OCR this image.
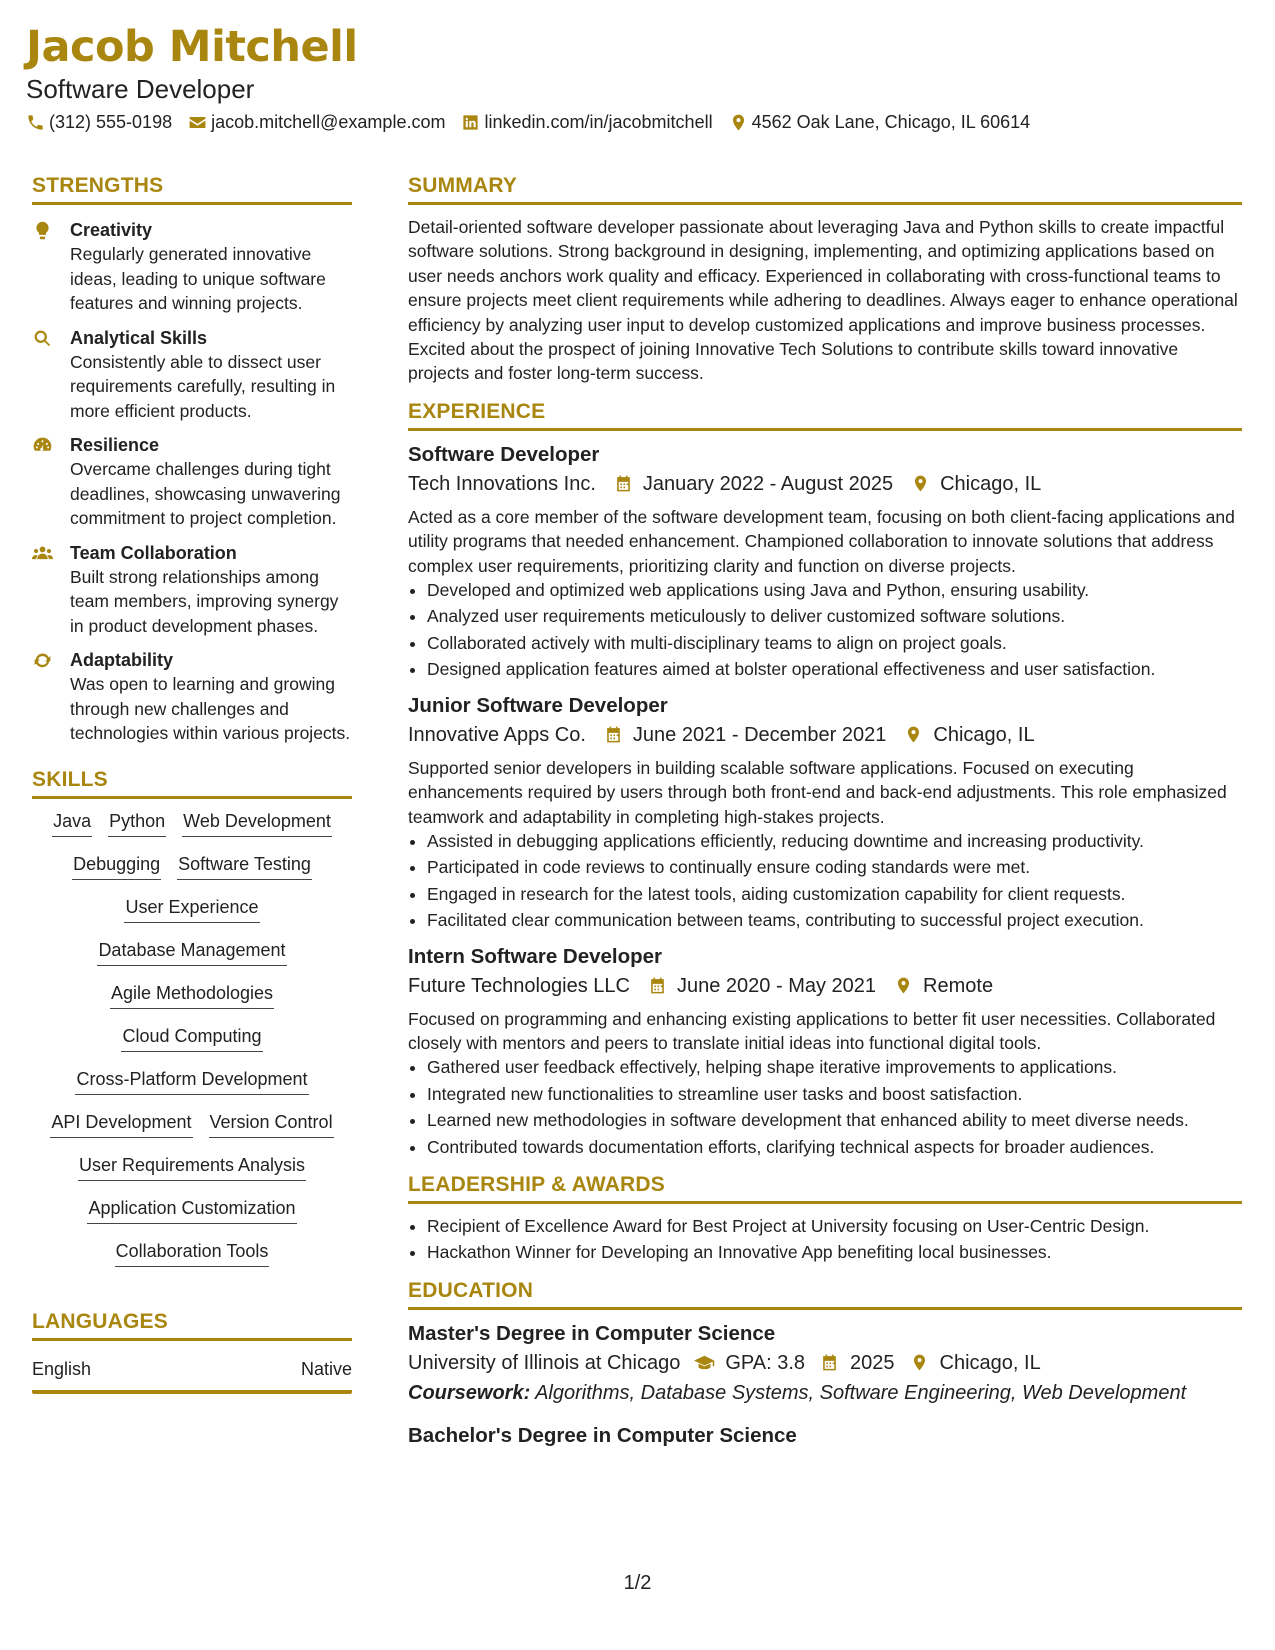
Jacob Mitchell
Software Developer
(312) 555-0198 jacob.mitchell@example.com linkedin.com/in/jacobmitchell 4562 Oak Lane, Chicago, IL 60614
STRENGTHS
Creativity
Regularly generated innovative ideas, leading to unique software features and winning projects.
Analytical Skills
Consistently able to dissect user requirements carefully, resulting in more efficient products.
Resilience
Overcame challenges during tight deadlines, showcasing unwavering commitment to project completion.
Team Collaboration
Built strong relationships among team members, improving synergy in product development phases.
Adaptability
Was open to learning and growing through new challenges and technologies within various projects.
SKILLS
Java Python Web Development
Debugging Software Testing
User Experience
Database Management
Agile Methodologies
Cloud Computing
Cross-Platform Development
API Development Version Control
User Requirements Analysis
Application Customization
Collaboration Tools
LANGUAGES
English	Native
SUMMARY
Detail-oriented software developer passionate about leveraging Java and Python skills to create impactful software solutions. Strong background in designing, implementing, and optimizing applications based on user needs anchors work quality and efficacy. Experienced in collaborating with cross-functional teams to ensure projects meet client requirements while adhering to deadlines. Always eager to enhance operational efficiency by analyzing user input to develop customized applications and improve business processes. Excited about the prospect of joining Innovative Tech Solutions to contribute skills toward innovative projects and foster long-term success.
EXPERIENCE
Software Developer
Tech Innovations Inc. January 2022 - August 2025 Chicago, IL
Acted as a core member of the software development team, focusing on both client-facing applications and utility programs that needed enhancement. Championed collaboration to innovate solutions that address complex user requirements, prioritizing clarity and function on diverse projects.
• Developed and optimized web applications using Java and Python, ensuring usability.
• Analyzed user requirements meticulously to deliver customized software solutions.
• Collaborated actively with multi-disciplinary teams to align on project goals.
• Designed application features aimed at bolster operational effectiveness and user satisfaction.
Junior Software Developer
Innovative Apps Co. June 2021 - December 2021 Chicago, IL
Supported senior developers in building scalable software applications. Focused on executing enhancements required by users through both front-end and back-end adjustments. This role emphasized teamwork and adaptability in completing high-stakes projects.
• Assisted in debugging applications efficiently, reducing downtime and increasing productivity.
• Participated in code reviews to continually ensure coding standards were met.
• Engaged in research for the latest tools, aiding customization capability for client requests.
• Facilitated clear communication between teams, contributing to successful project execution.
Intern Software Developer
Future Technologies LLC June 2020 - May 2021 Remote
Focused on programming and enhancing existing applications to better fit user necessities. Collaborated closely with mentors and peers to translate initial ideas into functional digital tools.
• Gathered user feedback effectively, helping shape iterative improvements to applications.
• Integrated new functionalities to streamline user tasks and boost satisfaction.
• Learned new methodologies in software development that enhanced ability to meet diverse needs.
• Contributed towards documentation efforts, clarifying technical aspects for broader audiences.
LEADERSHIP & AWARDS
• Recipient of Excellence Award for Best Project at University focusing on User-Centric Design.
• Hackathon Winner for Developing an Innovative App benefiting local businesses.
EDUCATION
Master's Degree in Computer Science
University of Illinois at Chicago GPA: 3.8 2025 Chicago, IL
Coursework: Algorithms, Database Systems, Software Engineering, Web Development
Bachelor's Degree in Computer Science
1/2
